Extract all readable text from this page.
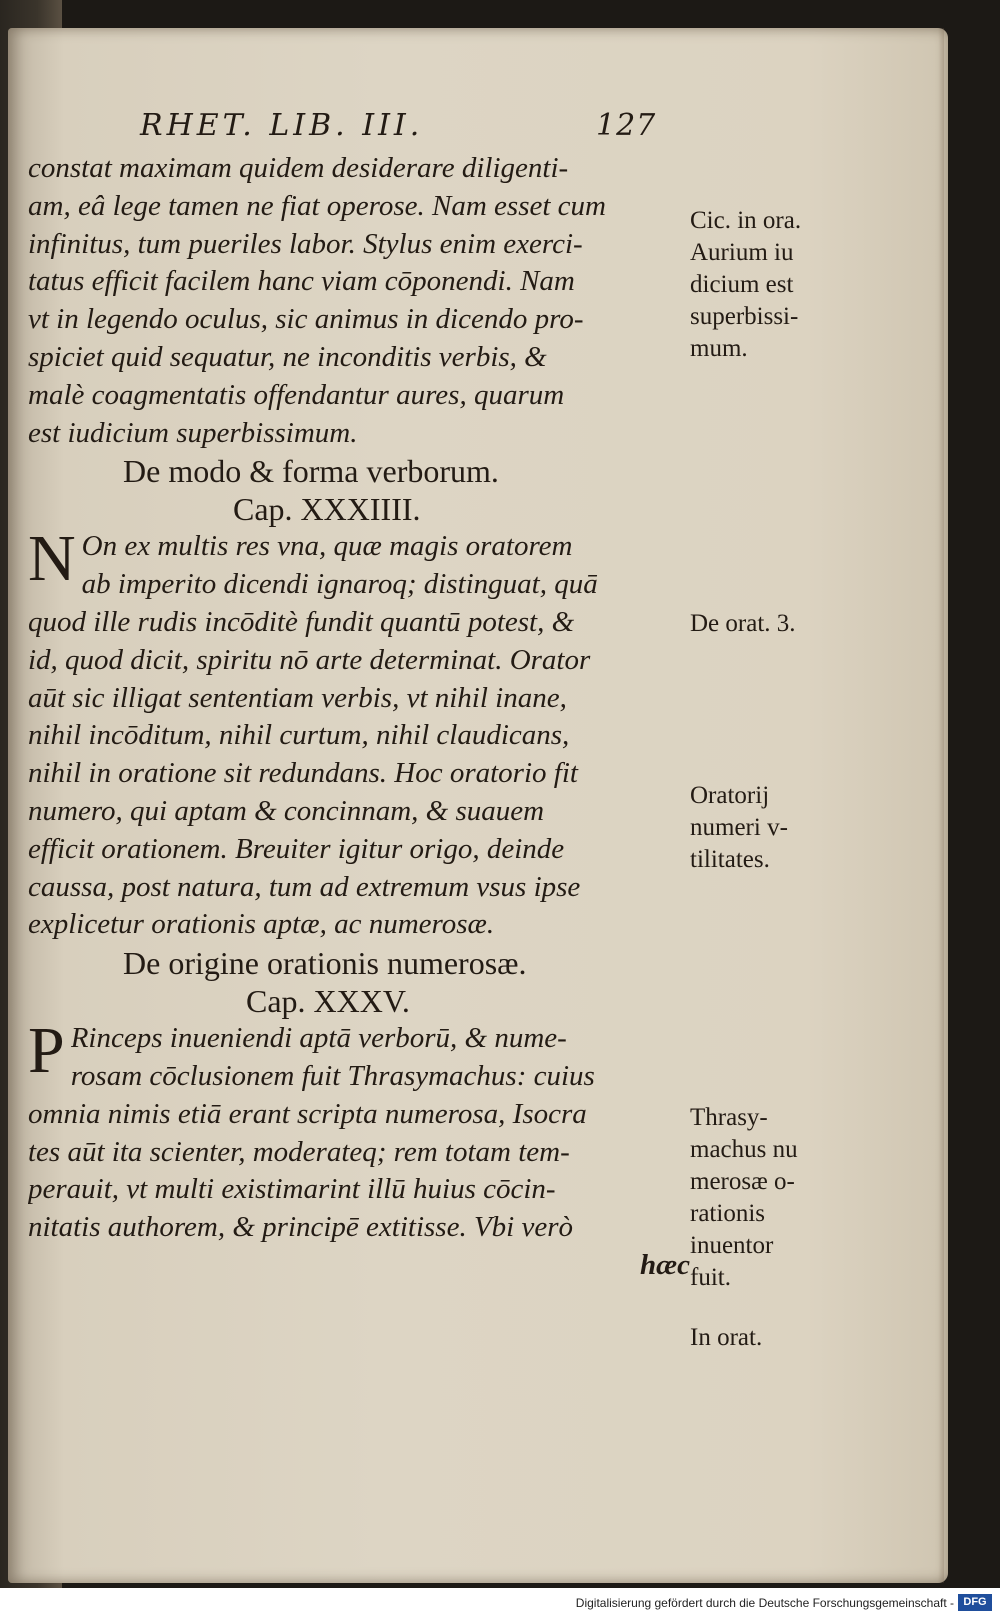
RHET. LIB. III.	127
constat maximam quidem desiderare diligenti-
am, eâ lege tamen ne fiat operose. Nam esset cum
infinitus, tum pueriles labor. Stylus enim exerci-
tatus efficit facilem hanc viam cōponendi. Nam
vt in legendo oculus, sic animus in dicendo pro-
spiciet quid sequatur, ne inconditis verbis, &
malè coagmentatis offendantur aures, quarum
est iudicium superbissimum.
De modo & forma verborum.
Cap. XXXIIII.
N On ex multis res vna, quæ magis oratorem
ab imperito dicendi ignaroq; distinguat, quā
quod ille rudis incōditè fundit quantū potest, &
id, quod dicit, spiritu nō arte determinat. Orator
aūt sic illigat sententiam verbis, vt nihil inane,
nihil incōditum, nihil curtum, nihil claudicans,
nihil in oratione sit redundans. Hoc oratorio fit
numero, qui aptam & concinnam, & suauem
efficit orationem. Breuiter igitur origo, deinde
caussa, post natura, tum ad extremum vsus ipse
explicetur orationis aptæ, ac numerosæ.
De origine orationis numerosæ.
Cap. XXXV.
P Rinceps inueniendi aptā verborū, & nume-
rosam cōclusionem fuit Thrasymachus: cuius
omnia nimis etiā erant scripta numerosa, Isocra
tes aūt ita scienter, moderateq; rem totam tem-
perauit, vt multi existimarint illū huius cōcin-
nitatis authorem, & principē extitisse. Vbi verò
hæc
Cic. in ora.
Aurium iu
dicium est
superbissi-
mum.
De orat. 3.
Oratorij
numeri v-
tilitates.
Thrasy-
machus nu
merosæ o-
rationis
inuentor
fuit.
In orat.
Digitalisierung gefördert durch die Deutsche Forschungsgemeinschaft - DFG
